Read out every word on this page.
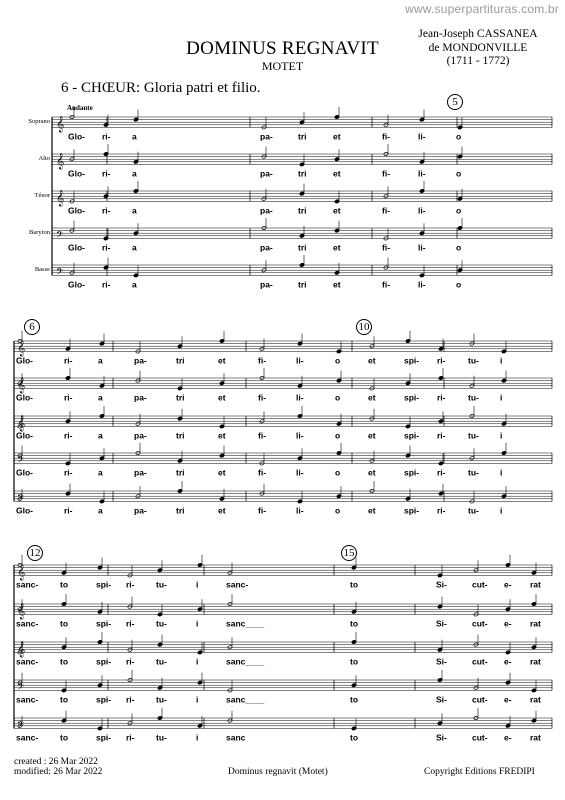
www.superpartituras.com.br
DOMINUS REGNAVIT
MOTET
Jean-Joseph CASSANEA
de MONDONVILLE
(1711 - 1772)
6 - CHŒUR: Gloria patri et filio.
Andante
Soprano
Alto
Ténor
Baryton
Basse
5
6	10
12	15
𝄞
Glo- ri-	a	pa-	tri	et	fi-	li-	o
𝄞
Glo- ri-	a	pa-	tri	et	fi-	li-	o
𝄞
Glo- ri-	a	pa-	tri	et	fi-	li-	o
𝄢
Glo- ri-	a	pa-	tri	et	fi-	li-	o
𝄢
Glo- ri-	a	pa-	tri	et	fi-	li-	o
𝄞
Glo-	ri-	a	pa-	tri	et	fi-	li-	o	et	spi- ri-	tu- i
𝄞
Glo-	ri-	a	pa-	tri	et	fi-	li-	o	et	spi- ri-	tu- i
𝄞
Glo-	ri-	a	pa-	tri	et	fi-	li-	o	et	spi- ri-	tu- i
𝄢
Glo-	ri-	a	pa-	tri	et	fi-	li-	o	et	spi- ri-	tu- i
𝄢
Glo-	ri-	a	pa-	tri	et	fi-	li-	o	et	spi- ri-	tu- i
𝄞
sanc-	to	spi- ri-	tu-	i	sanc-	to	Si-	cut- e- rat
𝄞
sanc-	to	spi- ri-	tu-	i	sanc____	to	Si-	cut- e- rat
𝄞
sanc-	to	spi- ri-	tu-	i	sanc____	to	Si-	cut- e- rat
𝄢
sanc-	to	spi- ri-	tu-	i	sanc____	to	Si-	cut- e- rat
𝄢
sanc-	to	spi- ri-	tu-	i	sanc	to	Si-	cut- e- rat
created : 26 Mar 2022
modified: 26 Mar 2022	Dominus regnavit (Motet)	Copyright Editions FREDIPI
